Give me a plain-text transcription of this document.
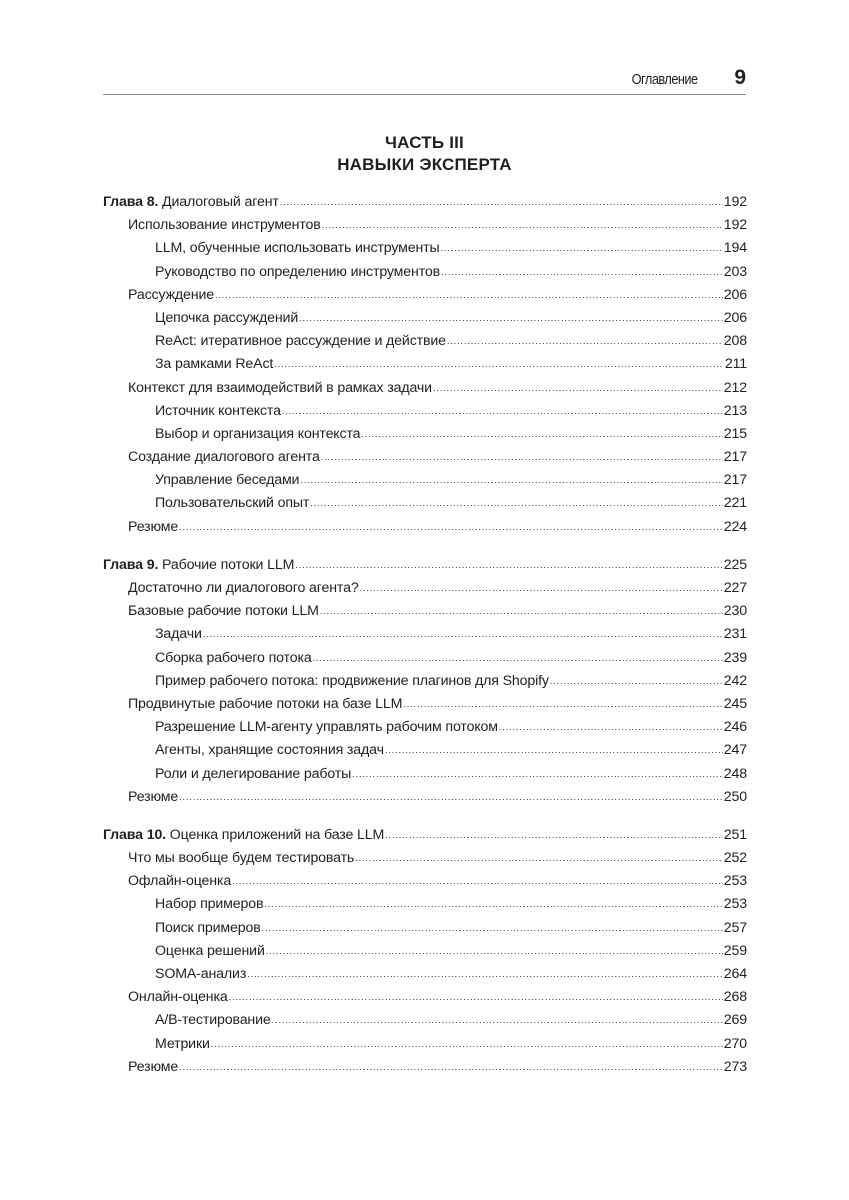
Оглавление 9
ЧАСТЬ III
НАВЫКИ ЭКСПЕРТА
Глава 8. Диалоговый агент .....	192
Использование инструментов .....	192
LLM, обученные использовать инструменты .....	194
Руководство по определению инструментов .....	203
Рассуждение .....	206
Цепочка рассуждений .....	206
ReAct: итеративное рассуждение и действие .....	208
За рамками ReAct .....	211
Контекст для взаимодействий в рамках задачи .....	212
Источник контекста .....	213
Выбор и организация контекста .....	215
Создание диалогового агента .....	217
Управление беседами .....	217
Пользовательский опыт .....	221
Резюме .....	224
Глава 9. Рабочие потоки LLM .....	225
Достаточно ли диалогового агента? .....	227
Базовые рабочие потоки LLM .....	230
Задачи .....	231
Сборка рабочего потока .....	239
Пример рабочего потока: продвижение плагинов для Shopify .....	242
Продвинутые рабочие потоки на базе LLM .....	245
Разрешение LLM-агенту управлять рабочим потоком .....	246
Агенты, хранящие состояния задач .....	247
Роли и делегирование работы .....	248
Резюме .....	250
Глава 10. Оценка приложений на базе LLM .....	251
Что мы вообще будем тестировать .....	252
Офлайн-оценка .....	253
Набор примеров .....	253
Поиск примеров .....	257
Оценка решений .....	259
SOMA-анализ .....	264
Онлайн-оценка .....	268
А/В-тестирование .....	269
Метрики .....	270
Резюме .....	273
